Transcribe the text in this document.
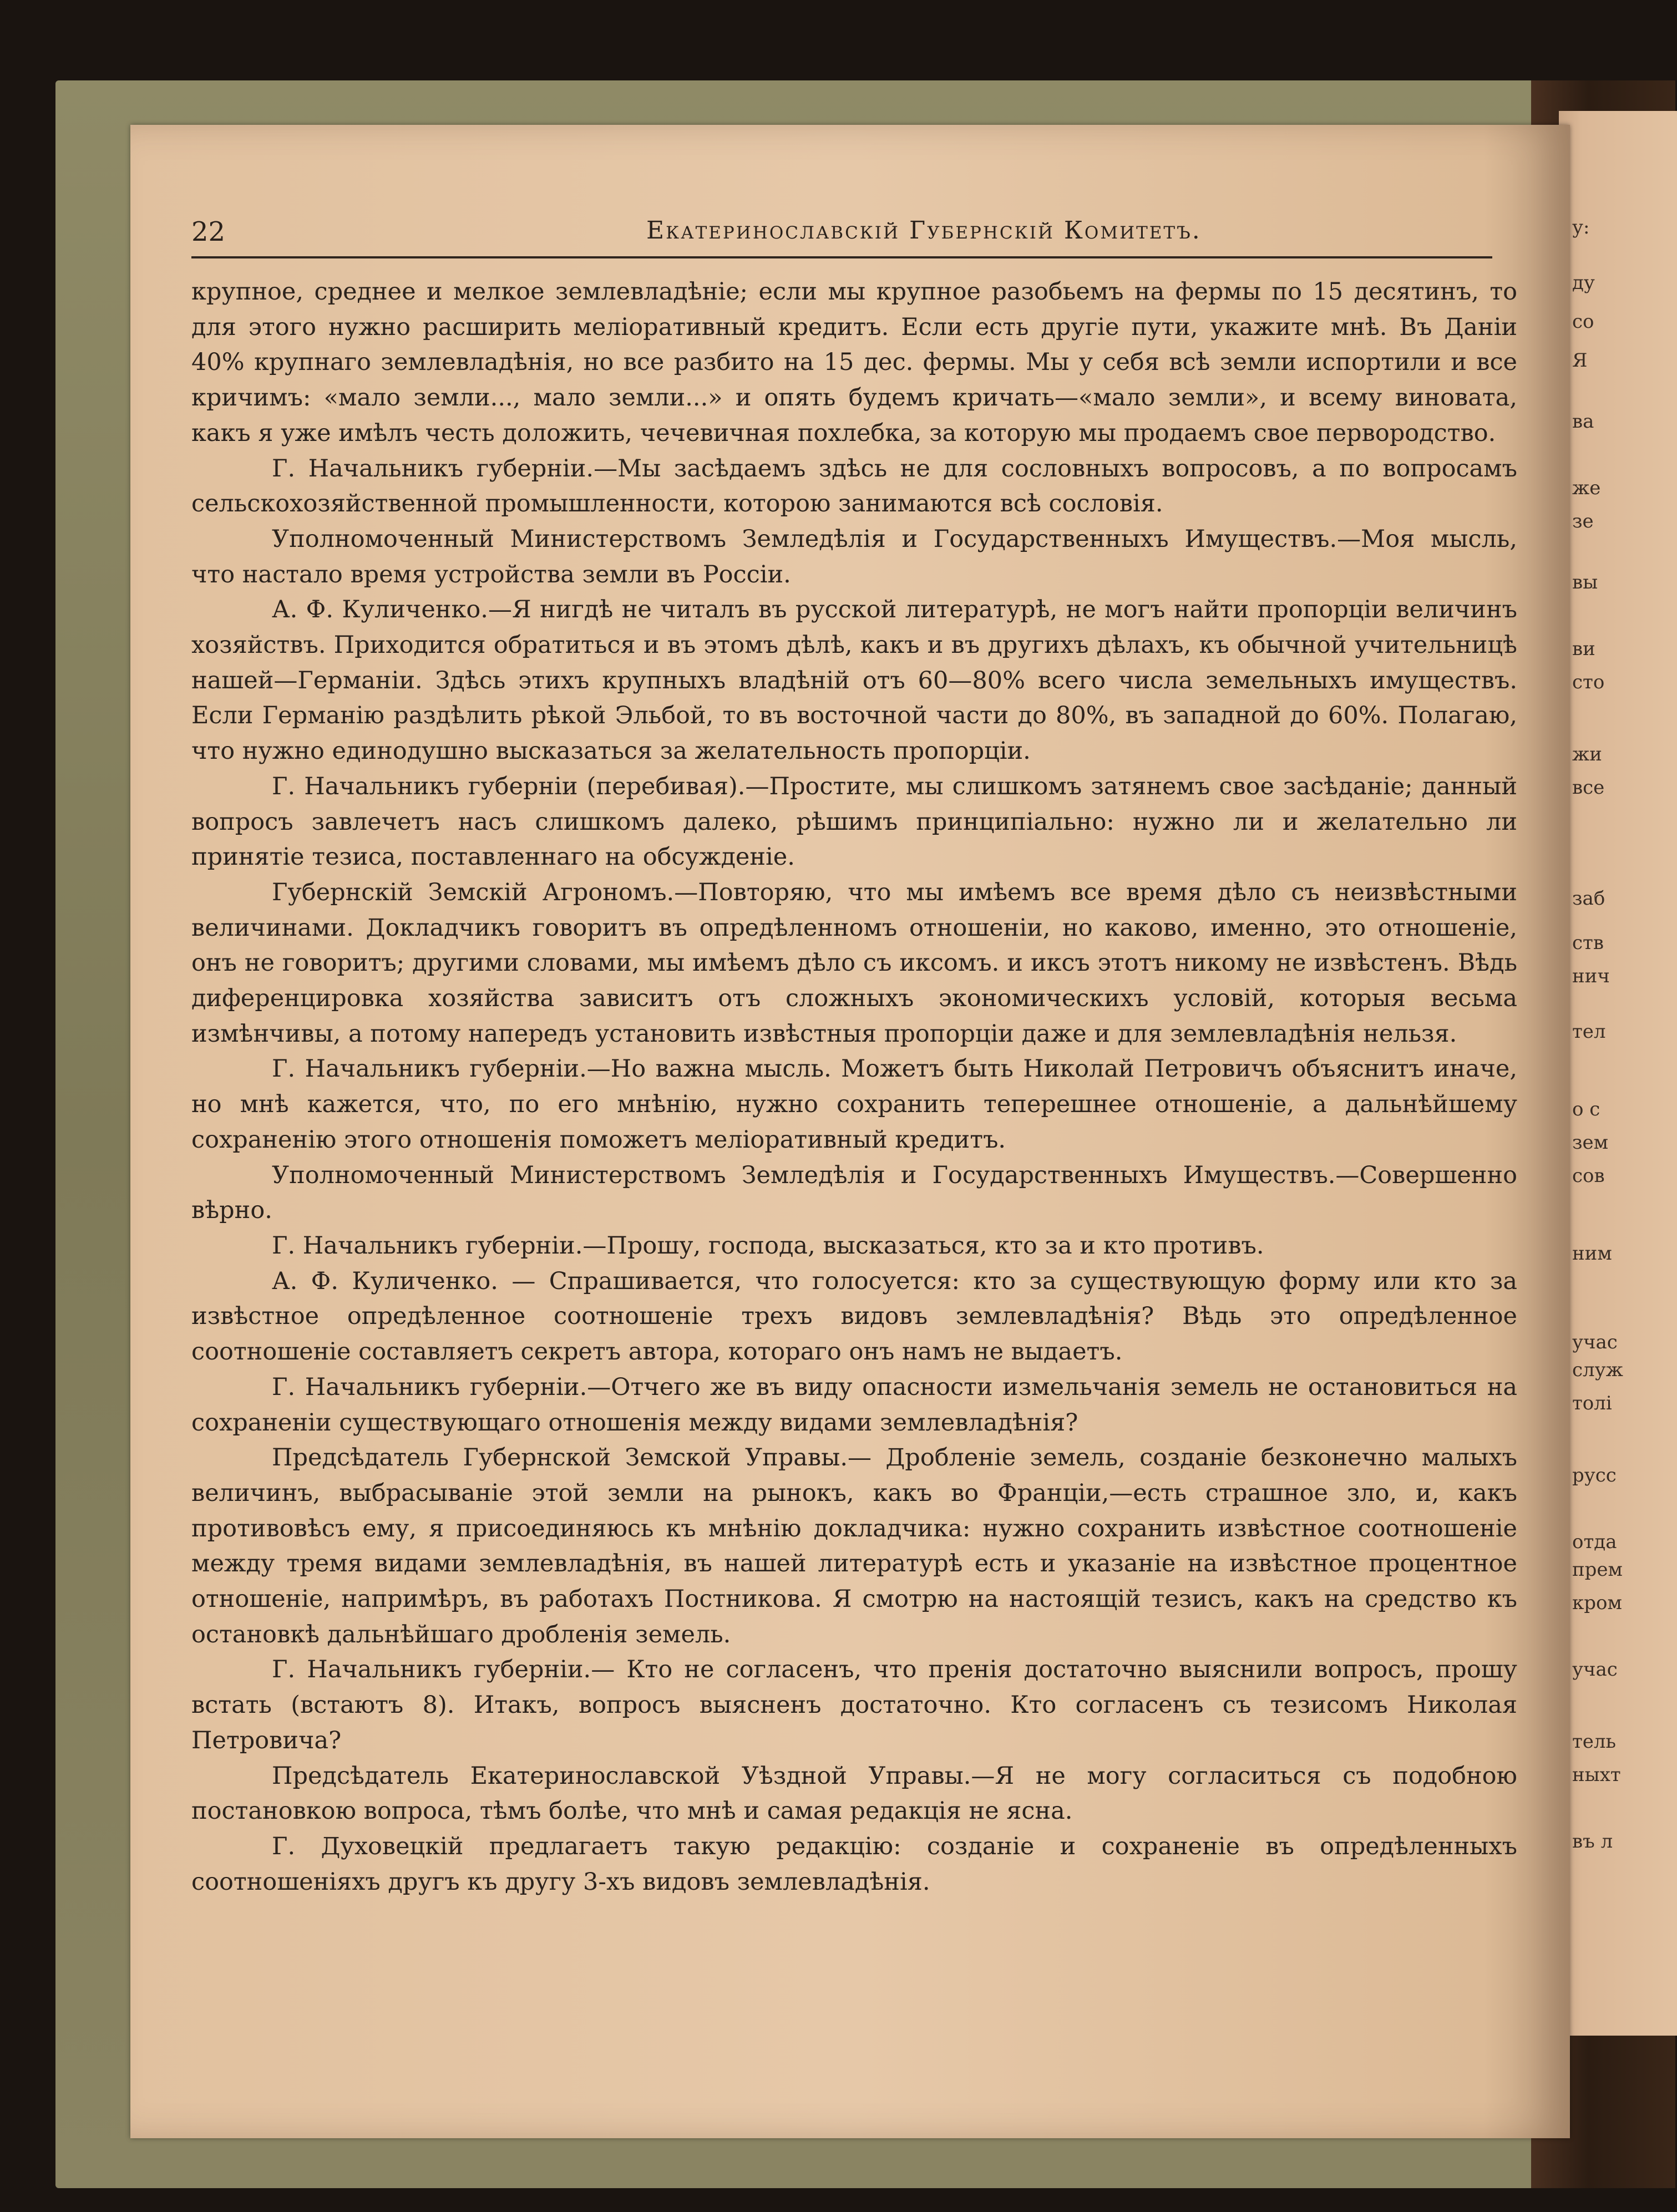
у:
ду
со
Я
ва
же
зе
вы
ви
сто
жи
все
заб
ств
нич
тел
о с
зем
сов
ним
учас
служ
толі
русс
отда
прем
кром
учас
тель
ныхт
въ л
22	Екатеринославскій Губернскій Комитетъ.

крупное, среднее и мелкое землевладѣніе; если мы крупное разобьемъ на фермы по 15 десятинъ, то для этого нужно расширить меліоративный кредитъ. Если есть другіе пути, укажите мнѣ. Въ Даніи 40% крупнаго землевладѣнія, но все разбито на 15 дес. фермы. Мы у себя всѣ земли испортили и все кричимъ: «мало земли..., мало земли...» и опять будемъ кричать—«мало земли», и всему виновата, какъ я уже имѣлъ честь доложить, чечевичная похлебка, за которую мы продаемъ свое первородство.

Г. Начальникъ губерніи.—Мы засѣдаемъ здѣсь не для сословныхъ вопросовъ, а по вопросамъ сельскохозяйственной промышленности, которою занимаются всѣ сословія.

Уполномоченный Министерствомъ Земледѣлія и Государственныхъ Имуществъ.—Моя мысль, что настало время устройства земли въ Россіи.

А. Ф. Куличенко.—Я нигдѣ не читалъ въ русской литературѣ, не могъ найти пропорціи величинъ хозяйствъ. Приходится обратиться и въ этомъ дѣлѣ, какъ и въ другихъ дѣлахъ, къ обычной учительницѣ нашей—Германіи. Здѣсь этихъ крупныхъ владѣній отъ 60—80% всего числа земельныхъ имуществъ. Если Германію раздѣлить рѣкой Эльбой, то въ восточной части до 80%, въ западной до 60%. Полагаю, что нужно единодушно высказаться за желательность пропорціи.

Г. Начальникъ губерніи (перебивая).—Простите, мы слишкомъ затянемъ свое засѣданіе; данный вопросъ завлечетъ насъ слишкомъ далеко, рѣшимъ принципіально: нужно ли и желательно ли принятіе тезиса, поставленнаго на обсужденіе.

Губернскій Земскій Агрономъ.—Повторяю, что мы имѣемъ все время дѣло съ неизвѣстными величинами. Докладчикъ говоритъ въ опредѣленномъ отношеніи, но каково, именно, это отношеніе, онъ не говоритъ; другими словами, мы имѣемъ дѣло съ иксомъ. и иксъ этотъ никому не извѣстенъ. Вѣдь диференцировка хозяйства зависитъ отъ сложныхъ экономическихъ условій, которыя весьма измѣнчивы, а потому напередъ установить извѣстныя пропорціи даже и для землевладѣнія нельзя.

Г. Начальникъ губерніи.—Но важна мысль. Можетъ быть Николай Петровичъ объяснитъ иначе, но мнѣ кажется, что, по его мнѣнію, нужно сохранить теперешнее отношеніе, а дальнѣйшему сохраненію этого отношенія поможетъ меліоративный кредитъ.

Уполномоченный Министерствомъ Земледѣлія и Государственныхъ Имуществъ.—Совершенно вѣрно.

Г. Начальникъ губерніи.—Прошу, господа, высказаться, кто за и кто противъ.

А. Ф. Куличенко. — Спрашивается, что голосуется: кто за существующую форму или кто за извѣстное опредѣленное соотношеніе трехъ видовъ землевладѣнія? Вѣдь это опредѣленное соотношеніе составляетъ секретъ автора, котораго онъ намъ не выдаетъ.

Г. Начальникъ губерніи.—Отчего же въ виду опасности измельчанія земель не остановиться на сохраненіи существующаго отношенія между видами землевладѣнія?

Предсѣдатель Губернской Земской Управы.— Дробленіе земель, созданіе безконечно малыхъ величинъ, выбрасываніе этой земли на рынокъ, какъ во Франціи,—есть страшное зло, и, какъ противовѣсъ ему, я присоединяюсь къ мнѣнію докладчика: нужно сохранить извѣстное соотношеніе между тремя видами землевладѣнія, въ нашей литературѣ есть и указаніе на извѣстное процентное отношеніе, напримѣръ, въ работахъ Постникова. Я смотрю на настоящій тезисъ, какъ на средство къ остановкѣ дальнѣйшаго дробленія земель.

Г. Начальникъ губерніи.— Кто не согласенъ, что пренія достаточно выяснили вопросъ, прошу встать (встаютъ 8). Итакъ, вопросъ выясненъ достаточно. Кто согласенъ съ тезисомъ Николая Петровича?

Предсѣдатель Екатеринославской Уѣздной Управы.—Я не могу согласиться съ подобною постановкою вопроса, тѣмъ болѣе, что мнѣ и самая редакція не ясна.

Г. Духовецкій предлагаетъ такую редакцію: созданіе и сохраненіе въ опредѣленныхъ соотношеніяхъ другъ къ другу 3-хъ видовъ землевладѣнія.
